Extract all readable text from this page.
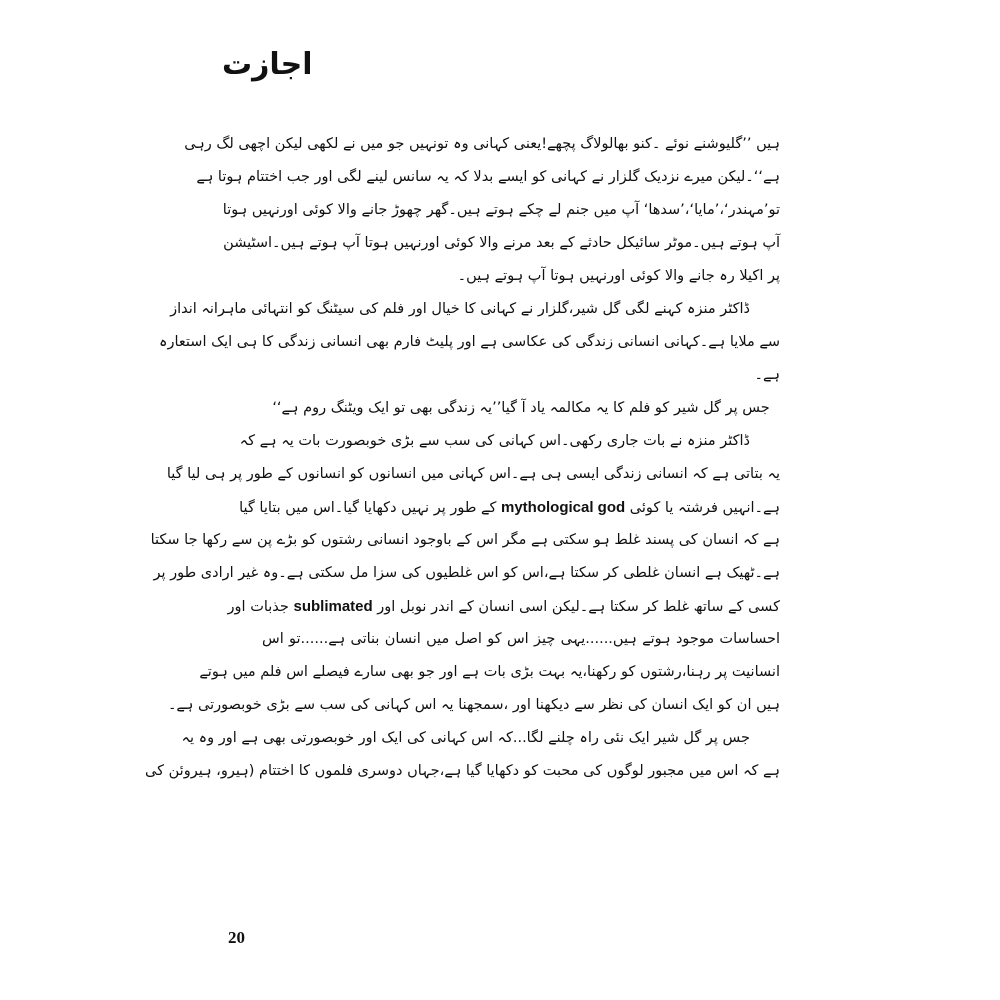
اجازت
ہیں ’’گلیوشنے نوئے ۔کنو بھالولاگ پچھے!یعنی کہانی وہ تونہیں جو میں نے لکھی لیکن اچھی لگ رہی
ہے‘‘۔لیکن میرے نزدیک گلزار نے کہانی کو ایسے بدلا کہ یہ سانس لینے لگی اور جب اختتام ہوتا ہے
تو’مہندر‘،’مایا‘،’سدھا‘ آپ میں جنم لے چکے ہوتے ہیں۔گھر چھوڑ جانے والا کوئی اورنہیں ہوتا
آپ ہوتے ہیں۔موٹر سائیکل حادثے کے بعد مرنے والا کوئی اورنہیں ہوتا آپ ہوتے ہیں۔اسٹیشن
پر اکیلا رہ جانے والا کوئی اورنہیں ہوتا آپ ہوتے ہیں۔
ڈاکٹر منزہ کہنے لگی گل شیر،گلزار نے کہانی کا خیال اور فلم کی سیٹنگ کو انتہائی ماہرانہ انداز
سے ملایا ہے۔کہانی انسانی زندگی کی عکاسی ہے اور پلیٹ فارم بھی انسانی زندگی کا ہی ایک استعارہ
ہے۔
جس پر گل شیر کو فلم کا یہ مکالمہ یاد آ گیا’’یہ زندگی بھی تو ایک ویٹنگ روم ہے‘‘
ڈاکٹر منزہ نے بات جاری رکھی۔اس کہانی کی سب سے بڑی خوبصورت بات یہ ہے کہ
یہ بتاتی ہے کہ انسانی زندگی ایسی ہی ہے۔اس کہانی میں انسانوں کو انسانوں کے طور پر ہی لیا گیا
ہے۔انہیں فرشتہ یا کوئی mythological god کے طور پر نہیں دکھایا گیا۔اس میں بتایا گیا
ہے کہ انسان کی پسند غلط ہو سکتی ہے مگر اس کے باوجود انسانی رشتوں کو بڑے پن سے رکھا جا سکتا
ہے۔ٹھیک ہے انسان غلطی کر سکتا ہے،اس کو اس غلطیوں کی سزا مل سکتی ہے۔وہ غیر ارادی طور پر
کسی کے ساتھ غلط کر سکتا ہے۔لیکن اسی انسان کے اندر نوبل اور sublimated جذبات اور
احساسات موجود ہوتے ہیں......یہی چیز اس کو اصل میں انسان بناتی ہے......تو اس
انسانیت پر رہنا،رشتوں کو رکھنا،یہ بہت بڑی بات ہے اور جو بھی سارے فیصلے اس فلم میں ہوتے
ہیں ان کو ایک انسان کی نظر سے دیکھنا اور ،سمجھنا یہ اس کہانی کی سب سے بڑی خوبصورتی ہے۔
جس پر گل شیر ایک نئی راہ چلنے لگا...کہ اس کہانی کی ایک اور خوبصورتی بھی ہے اور وہ یہ
ہے کہ اس میں مجبور لوگوں کی محبت کو دکھایا گیا ہے،جہاں دوسری فلموں کا اختتام (ہیرو، ہیروئن کی
20
